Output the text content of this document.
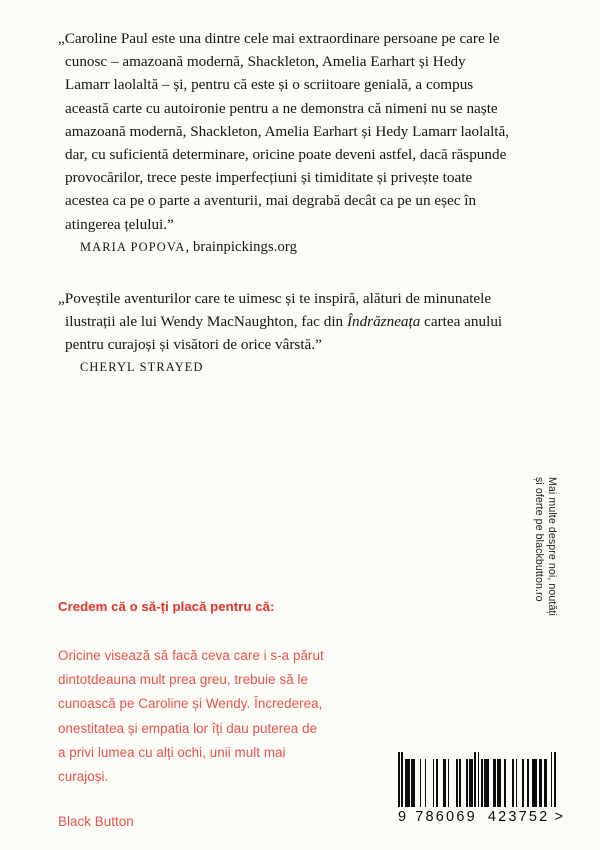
„Caroline Paul este una dintre cele mai extraordinare persoane pe care le cunosc – amazoană modernă, Shackleton, Amelia Earhart și Hedy Lamarr laolaltă – și, pentru că este și o scriitoare genială, a compus această carte cu autoironie pentru a ne demonstra că nimeni nu se naște amazoană modernă, Shackleton, Amelia Earhart și Hedy Lamarr laolaltă, dar, cu suficientă determinare, oricine poate deveni astfel, dacă răspunde provocărilor, trece peste imperfecțiuni și timiditate și privește toate acestea ca pe o parte a aventurii, mai degrabă decât ca pe un eșec în atingerea țelului.”

MARIA POPOVA, brainpickings.org

„Poveștile aventurilor care te uimesc și te inspiră, alături de minunatele ilustrații ale lui Wendy MacNaughton, fac din Îndrăzneața cartea anului pentru curajoși și visători de orice vârstă.”

CHERYL STRAYED

Credem că o să-ți placă pentru că:

Oricine visează să facă ceva care i s-a părut dintotdeauna mult prea greu, trebuie să le cunoască pe Caroline și Wendy. Încrederea, onestitatea și empatia lor îți dau puterea de a privi lumea cu alți ochi, unii mult mai curajoși.

Black Button
Mai multe despre noi, noutăți
și oferte pe blackbutton.ro
9 786069 423752 >
